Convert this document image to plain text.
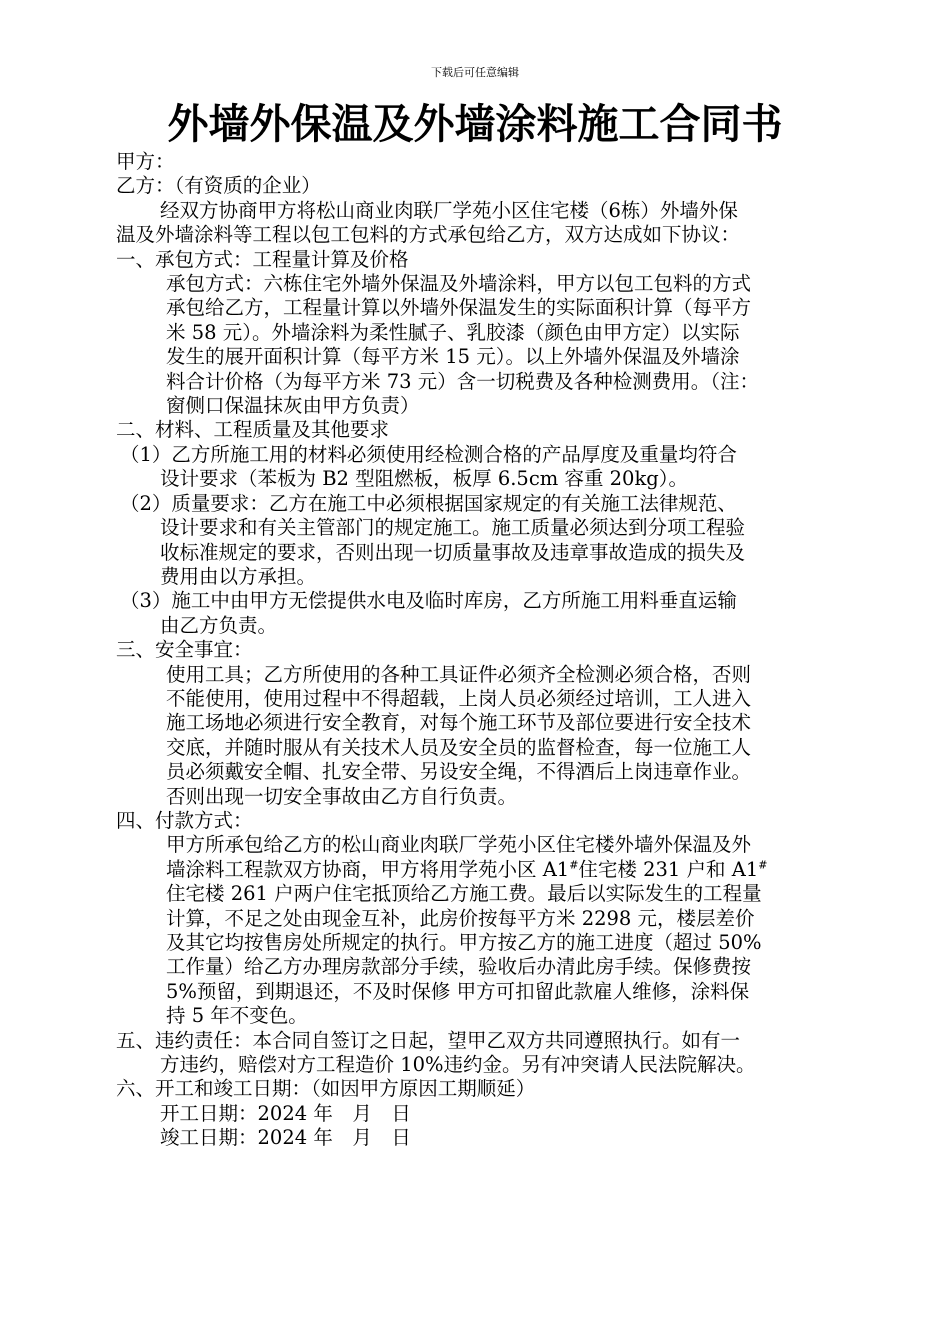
下载后可任意编辑
外墙外保温及外墙涂料施工合同书

甲方：

乙方：（有资质的企业）

经双方协商甲方将松山商业肉联厂学苑小区住宅楼（6栋）外墙外保

温及外墙涂料等工程以包工包料的方式承包给乙方，双方达成如下协议：

一、承包方式：工程量计算及价格

承包方式：六栋住宅外墙外保温及外墙涂料，甲方以包工包料的方式

承包给乙方，工程量计算以外墙外保温发生的实际面积计算（每平方

米 58 元）。外墙涂料为柔性腻子、乳胶漆（颜色由甲方定）以实际

发生的展开面积计算（每平方米 15 元）。以上外墙外保温及外墙涂

料合计价格（为每平方米 73 元）含一切税费及各种检测费用。（注：

窗侧口保温抹灰由甲方负责）

二、材料、工程质量及其他要求

（1）乙方所施工用的材料必须使用经检测合格的产品厚度及重量均符合

设计要求（苯板为 B2 型阻燃板，板厚 6.5cm 容重 20kg）。

（2）质量要求：乙方在施工中必须根据国家规定的有关施工法律规范、

设计要求和有关主管部门的规定施工。施工质量必须达到分项工程验

收标准规定的要求，否则出现一切质量事故及违章事故造成的损失及

费用由以方承担。

（3）施工中由甲方无偿提供水电及临时库房，乙方所施工用料垂直运输

由乙方负责。

三、安全事宜：

使用工具；乙方所使用的各种工具证件必须齐全检测必须合格，否则

不能使用，使用过程中不得超载，上岗人员必须经过培训，工人进入

施工场地必须进行安全教育，对每个施工环节及部位要进行安全技术

交底，并随时服从有关技术人员及安全员的监督检查，每一位施工人

员必须戴安全帽、扎安全带、另设安全绳，不得酒后上岗违章作业。

否则出现一切安全事故由乙方自行负责。

四、付款方式：

甲方所承包给乙方的松山商业肉联厂学苑小区住宅楼外墙外保温及外

墙涂料工程款双方协商，甲方将用学苑小区 A1#住宅楼 231 户和 A1#

住宅楼 261 户两户住宅抵顶给乙方施工费。最后以实际发生的工程量

计算，不足之处由现金互补，此房价按每平方米 2298 元，楼层差价

及其它均按售房处所规定的执行。甲方按乙方的施工进度（超过 50%

工作量）给乙方办理房款部分手续，验收后办清此房手续。保修费按

5%预留，到期退还，不及时保修 甲方可扣留此款雇人维修，涂料保

持 5 年不变色。

五、违约责任：本合同自签订之日起，望甲乙双方共同遵照执行。如有一

方违约，赔偿对方工程造价 10%违约金。另有冲突请人民法院解决。

六、开工和竣工日期：（如因甲方原因工期顺延）

开工日期：2024 年　月　日

竣工日期：2024 年　月　日
